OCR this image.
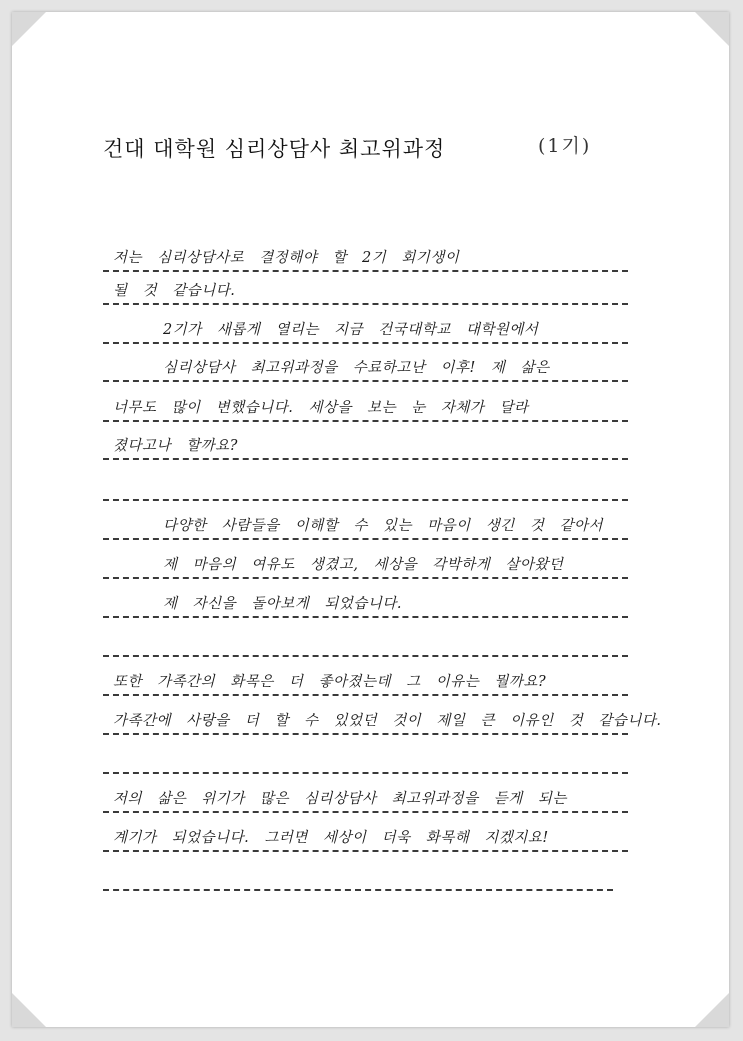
건대 대학원 심리상담사 최고위과정	(1기)
저는 심리상담사로 결정해야 할 2기 회기생이
될 것 같습니다.
2기가 새롭게 열리는 지금 건국대학교 대학원에서
심리상담사 최고위과정을 수료하고난 이후! 제 삶은
너무도 많이 변했습니다. 세상을 보는 눈 자체가 달라
졌다고나 할까요?
다양한 사람들을 이해할 수 있는 마음이 생긴 것 같아서
제 마음의 여유도 생겼고, 세상을 각박하게 살아왔던
제 자신을 돌아보게 되었습니다.
또한 가족간의 화목은 더 좋아졌는데 그 이유는 뭘까요?
가족간에 사랑을 더 할 수 있었던 것이 제일 큰 이유인 것 같습니다.
저의 삶은 위기가 많은 심리상담사 최고위과정을 듣게 되는
계기가 되었습니다. 그러면 세상이 더욱 화목해 지겠지요!
